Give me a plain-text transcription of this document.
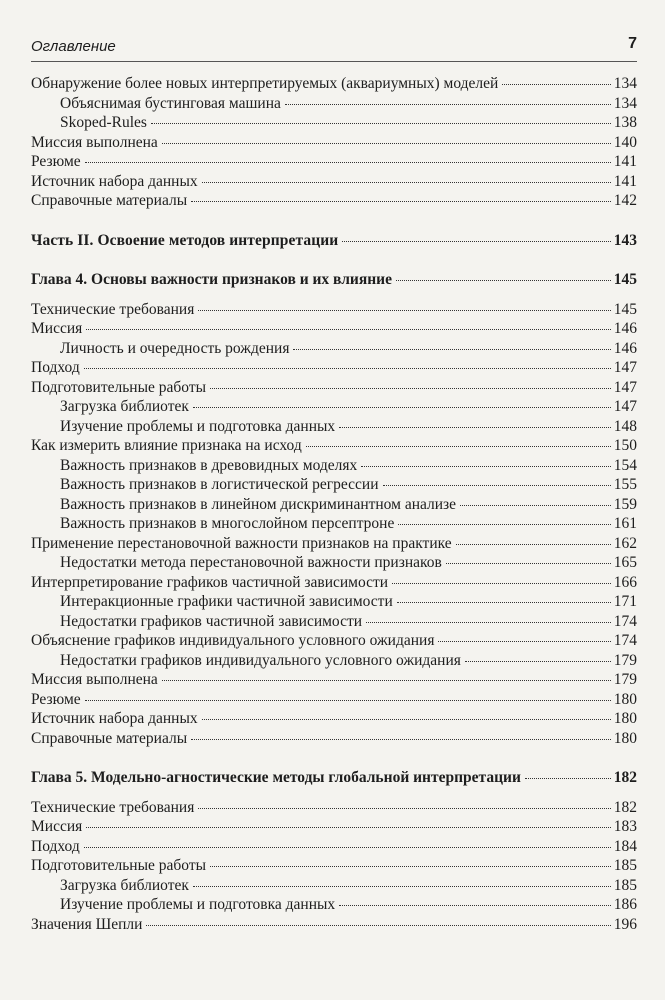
Оглавление	7
Обнаружение более новых интерпретируемых (аквариумных) моделей	134
Объяснимая бустинговая машина	134
Skoped-Rules	138
Миссия выполнена	140
Резюме	141
Источник набора данных	141
Справочные материалы	142
Часть II. Освоение методов интерпретации	143
Глава 4. Основы важности признаков и их влияние	145
Технические требования	145
Миссия	146
Личность и очередность рождения	146
Подход	147
Подготовительные работы	147
Загрузка библиотек	147
Изучение проблемы и подготовка данных	148
Как измерить влияние признака на исход	150
Важность признаков в древовидных моделях	154
Важность признаков в логистической регрессии	155
Важность признаков в линейном дискриминантном анализе	159
Важность признаков в многослойном персептроне	161
Применение перестановочной важности признаков на практике	162
Недостатки метода перестановочной важности признаков	165
Интерпретирование графиков частичной зависимости	166
Интеракционные графики частичной зависимости	171
Недостатки графиков частичной зависимости	174
Объяснение графиков индивидуального условного ожидания	174
Недостатки графиков индивидуального условного ожидания	179
Миссия выполнена	179
Резюме	180
Источник набора данных	180
Справочные материалы	180
Глава 5. Модельно-агностические методы глобальной интерпретации	182
Технические требования	182
Миссия	183
Подход	184
Подготовительные работы	185
Загрузка библиотек	185
Изучение проблемы и подготовка данных	186
Значения Шепли	196
